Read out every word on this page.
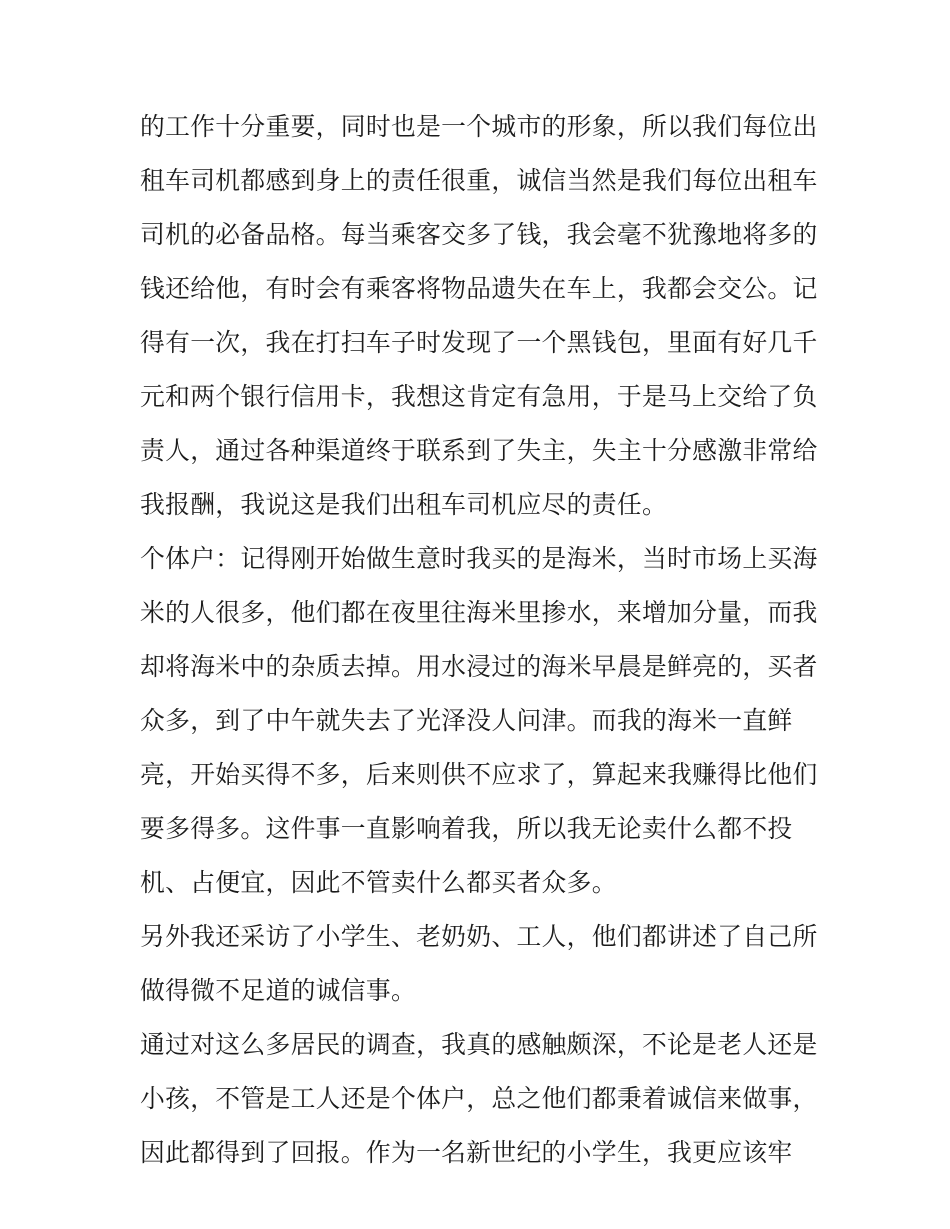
的工作十分重要，同时也是一个城市的形象，所以我们每位出
租车司机都感到身上的责任很重，诚信当然是我们每位出租车
司机的必备品格。每当乘客交多了钱，我会毫不犹豫地将多的
钱还给他，有时会有乘客将物品遗失在车上，我都会交公。记
得有一次，我在打扫车子时发现了一个黑钱包，里面有好几千
元和两个银行信用卡，我想这肯定有急用，于是马上交给了负
责人，通过各种渠道终于联系到了失主，失主十分感激非常给
我报酬，我说这是我们出租车司机应尽的责任。
个体户：记得刚开始做生意时我买的是海米，当时市场上买海
米的人很多，他们都在夜里往海米里掺水，来增加分量，而我
却将海米中的杂质去掉。用水浸过的海米早晨是鲜亮的，买者
众多，到了中午就失去了光泽没人问津。而我的海米一直鲜
亮，开始买得不多，后来则供不应求了，算起来我赚得比他们
要多得多。这件事一直影响着我，所以我无论卖什么都不投
机、占便宜，因此不管卖什么都买者众多。
另外我还采访了小学生、老奶奶、工人，他们都讲述了自己所
做得微不足道的诚信事。
通过对这么多居民的调查，我真的感触颇深，不论是老人还是
小孩，不管是工人还是个体户，总之他们都秉着诚信来做事，
因此都得到了回报。作为一名新世纪的小学生，我更应该牢
